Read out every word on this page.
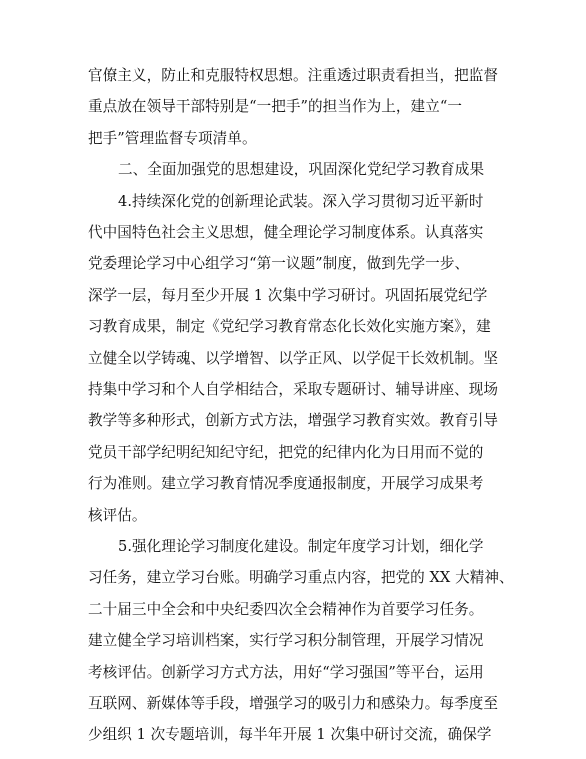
官僚主义，防止和克服特权思想。注重透过职责看担当，把监督
重点放在领导干部特别是“一把手”的担当作为上，建立“一
把手”管理监督专项清单。
二、全面加强党的思想建设，巩固深化党纪学习教育成果
4.持续深化党的创新理论武装。深入学习贯彻习近平新时
代中国特色社会主义思想，健全理论学习制度体系。认真落实
党委理论学习中心组学习“第一议题”制度，做到先学一步、
深学一层，每月至少开展 1 次集中学习研讨。巩固拓展党纪学
习教育成果，制定《党纪学习教育常态化长效化实施方案》，建
立健全以学铸魂、以学增智、以学正风、以学促干长效机制。坚
持集中学习和个人自学相结合，采取专题研讨、辅导讲座、现场
教学等多种形式，创新方式方法，增强学习教育实效。教育引导
党员干部学纪明纪知纪守纪，把党的纪律内化为日用而不觉的
行为准则。建立学习教育情况季度通报制度，开展学习成果考
核评估。
5.强化理论学习制度化建设。制定年度学习计划，细化学
习任务，建立学习台账。明确学习重点内容，把党的 XX 大精神、
二十届三中全会和中央纪委四次全会精神作为首要学习任务。
建立健全学习培训档案，实行学习积分制管理，开展学习情况
考核评估。创新学习方式方法，用好“学习强国”等平台，运用
互联网、新媒体等手段，增强学习的吸引力和感染力。每季度至
少组织 1 次专题培训，每半年开展 1 次集中研讨交流，确保学
